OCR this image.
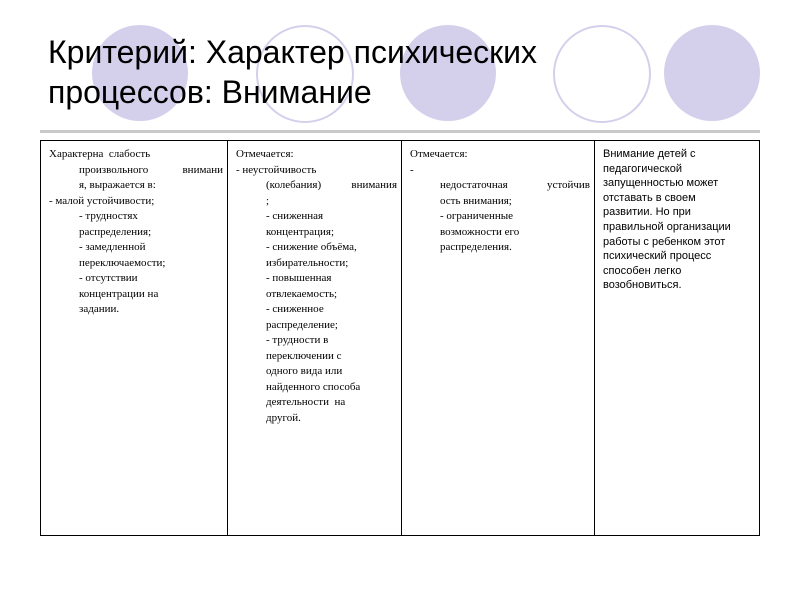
Критерий: Характер психических
процессов: Внимание
Характерна  слабость
произвольного внимани
я, выражается в:
- малой устойчивости;
- трудностях
распределения;
- замедленной
переключаемости;
- отсутствии
концентрации на
задании.
Отмечается:
- неустойчивость
(колебания) внимания
;
- сниженная
концентрация;
- снижение объёма,
избирательности;
- повышенная
отвлекаемость;
- сниженное
распределение;
- трудности в
переключении с
одного вида или
найденного способа
деятельности  на
другой.
Отмечается:
-
недостаточная  устойчив
ость внимания;
- ограниченные
возможности его
распределения.
Внимание детей с
педагогической
запущенностью может
отставать в своем
развитии. Но при
правильной организации
работы с ребенком этот
психический процесс
способен легко
возобновиться.
